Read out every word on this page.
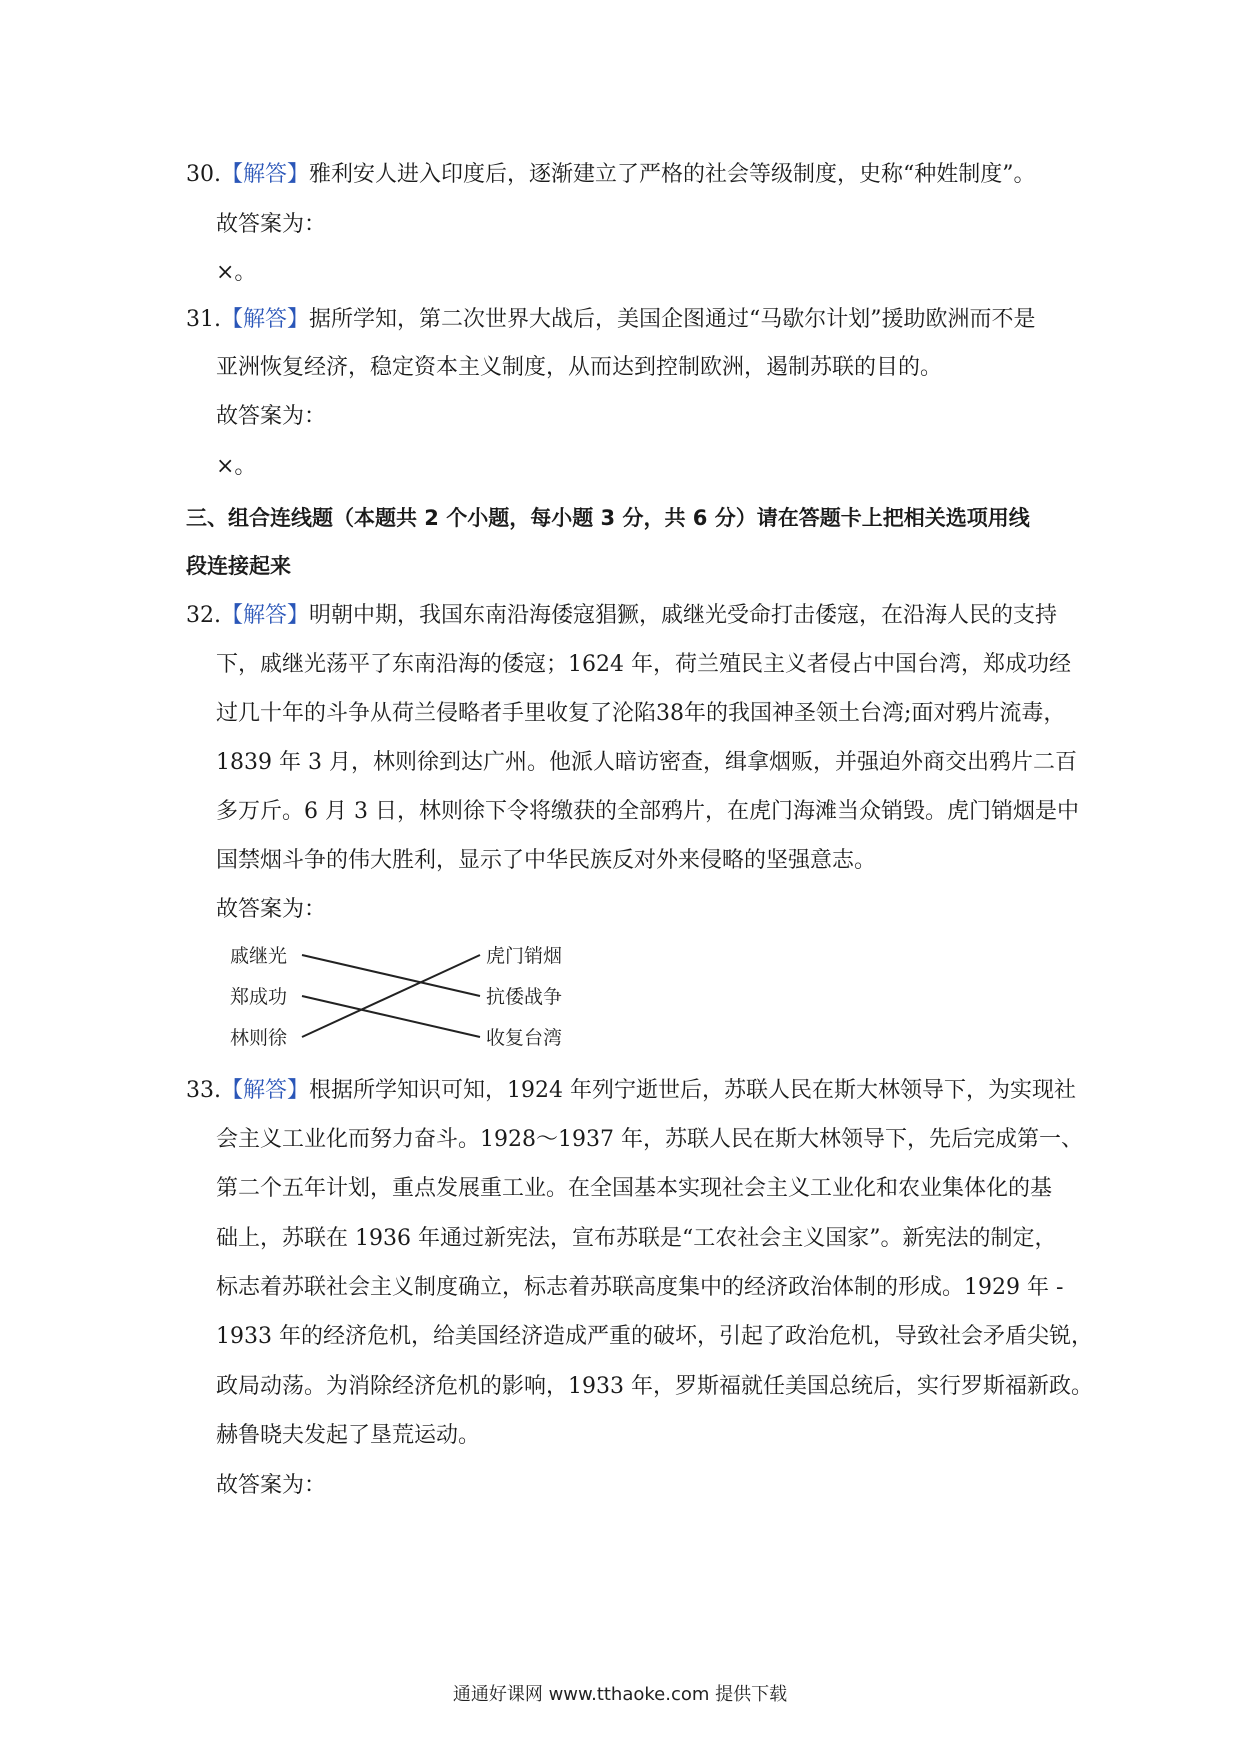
30.【解答】雅利安人进入印度后，逐渐建立了严格的社会等级制度，史称“种姓制度”。
故答案为：
×。
31.【解答】据所学知，第二次世界大战后，美国企图通过“马歇尔计划”援助欧洲而不是
亚洲恢复经济，稳定资本主义制度，从而达到控制欧洲，遏制苏联的目的。
故答案为：
×。
三、组合连线题（本题共 2 个小题，每小题 3 分，共 6 分）请在答题卡上把相关选项用线
段连接起来
32.【解答】明朝中期，我国东南沿海倭寇猖獗，戚继光受命打击倭寇，在沿海人民的支持
下，戚继光荡平了东南沿海的倭寇；1624 年，荷兰殖民主义者侵占中国台湾，郑成功经
过几十年的斗争从荷兰侵略者手里收复了沦陷38年的我国神圣领土台湾;面对鸦片流毒，
1839 年 3 月，林则徐到达广州。他派人暗访密查，缉拿烟贩，并强迫外商交出鸦片二百
多万斤。6 月 3 日，林则徐下令将缴获的全部鸦片，在虎门海滩当众销毁。虎门销烟是中
国禁烟斗争的伟大胜利，显示了中华民族反对外来侵略的坚强意志。
故答案为：
戚继光
郑成功
林则徐
虎门销烟
抗倭战争
收复台湾
33.【解答】根据所学知识可知，1924 年列宁逝世后，苏联人民在斯大林领导下，为实现社
会主义工业化而努力奋斗。1928～1937 年，苏联人民在斯大林领导下，先后完成第一、
第二个五年计划，重点发展重工业。在全国基本实现社会主义工业化和农业集体化的基
础上，苏联在 1936 年通过新宪法，宣布苏联是“工农社会主义国家”。新宪法的制定，
标志着苏联社会主义制度确立，标志着苏联高度集中的经济政治体制的形成。1929 年 -
1933 年的经济危机，给美国经济造成严重的破坏，引起了政治危机，导致社会矛盾尖锐，
政局动荡。为消除经济危机的影响，1933 年，罗斯福就任美国总统后，实行罗斯福新政。
赫鲁晓夫发起了垦荒运动。
故答案为：
通通好课网 www.tthaoke.com 提供下载
